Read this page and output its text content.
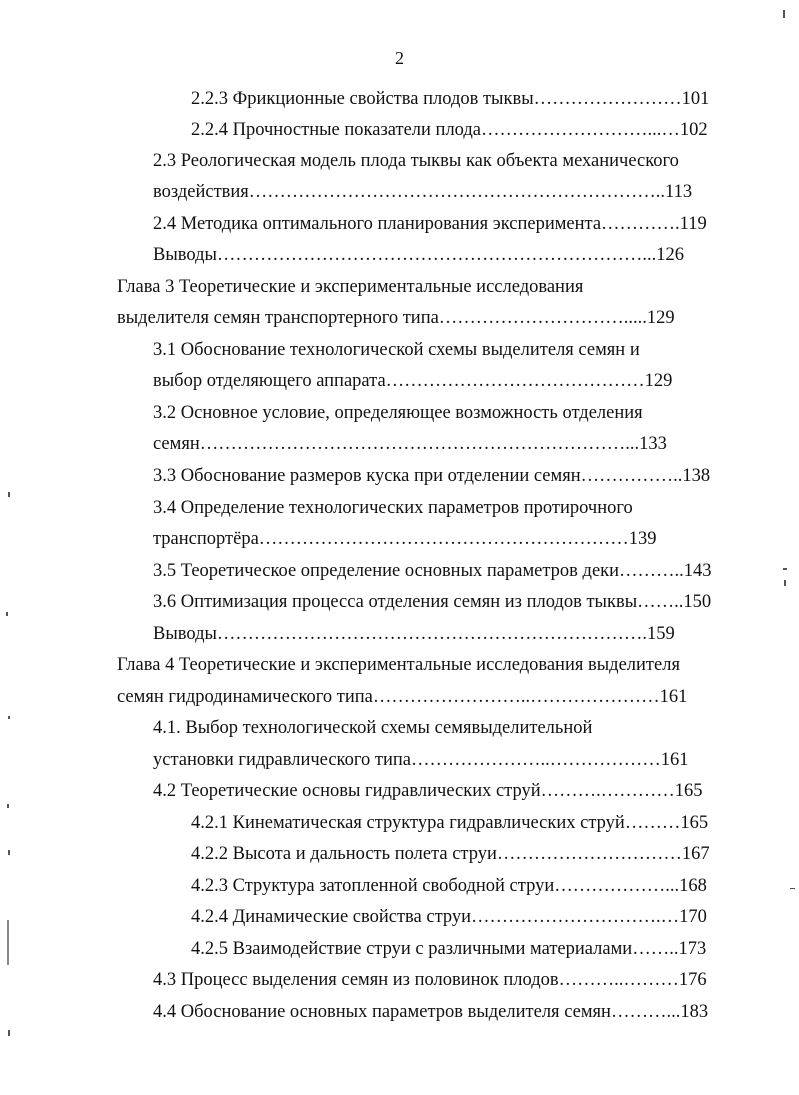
2
2.2.3 Фрикционные свойства плодов тыквы……………………101
2.2.4 Прочностные показатели плода………………………...…102
2.3 Реологическая модель плода тыквы как объекта механического
воздействия…………………………………………………………..113
2.4 Методика оптимального планирования эксперимента………….119
Выводы……………………………………………………………...126
Глава 3 Теоретические и экспериментальные исследования
выделителя семян транспортерного типа………………………….....129
3.1 Обоснование технологической схемы выделителя семян и
выбор отделяющего аппарата……………………………………129
3.2 Основное условие, определяющее возможность отделения
семян……………………………………………………………...133
3.3 Обоснование размеров куска при отделении семян……………..138
3.4 Определение технологических параметров протирочного
транспортёра……………………………………………………139
3.5 Теоретическое определение основных параметров деки………..143
3.6 Оптимизация процесса отделения семян из плодов тыквы……..150
Выводы…………………………………………………………….159
Глава 4 Теоретические и экспериментальные исследования выделителя
семян гидродинамического типа……………………..…………………161
4.1. Выбор технологической схемы семявыделительной
установки гидравлического типа…………………..………………161
4.2 Теоретические основы гидравлических струй……….…………165
4.2.1 Кинематическая структура гидравлических струй………165
4.2.2 Высота и дальность полета струи…………………………167
4.2.3 Структура затопленной свободной струи………………...168
4.2.4 Динамические свойства струи………………………….…170
4.2.5 Взаимодействие струи с различными материалами……..173
4.3 Процесс выделения семян из половинок плодов………..………176
4.4 Обоснование основных параметров выделителя семян………...183
